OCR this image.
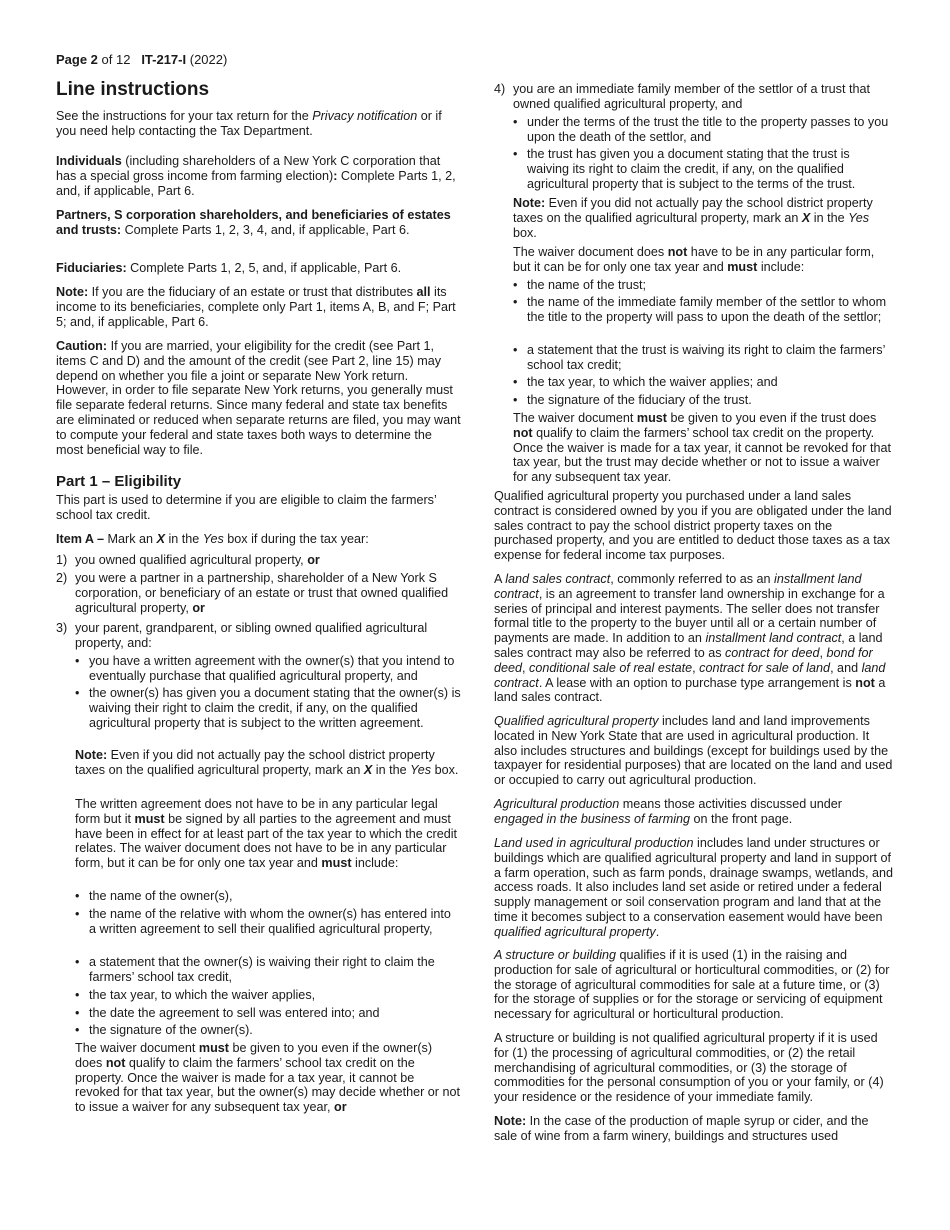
Page 2 of 12 IT-217-I (2022)
Line instructions

See the instructions for your tax return for the Privacy notification or if you need help contacting the Tax Department.

Individuals (including shareholders of a New York C corporation that has a special gross income from farming election): Complete Parts 1, 2, and, if applicable, Part 6.

Partners, S corporation shareholders, and beneficiaries of estates and trusts: Complete Parts 1, 2, 3, 4, and, if applicable, Part 6.

Fiduciaries: Complete Parts 1, 2, 5, and, if applicable, Part 6.

Note: If you are the fiduciary of an estate or trust that distributes all its income to its beneficiaries, complete only Part 1, items A, B, and F; Part 5; and, if applicable, Part 6.

Caution: If you are married, your eligibility for the credit (see Part 1, items C and D) and the amount of the credit (see Part 2, line 15) may depend on whether you file a joint or separate New York return. However, in order to file separate New York returns, you generally must file separate federal returns. Since many federal and state tax benefits are eliminated or reduced when separate returns are filed, you may want to compute your federal and state taxes both ways to determine the most beneficial way to file.

Part 1 – Eligibility

This part is used to determine if you are eligible to claim the farmers’ school tax credit.

Item A – Mark an X in the Yes box if during the tax year:

1) you owned qualified agricultural property, or

2) you were a partner in a partnership, shareholder of a New York S corporation, or beneficiary of an estate or trust that owned qualified agricultural property, or

3) your parent, grandparent, or sibling owned qualified agricultural property, and:

• you have a written agreement with the owner(s) that you intend to eventually purchase that qualified agricultural property, and

• the owner(s) has given you a document stating that the owner(s) is waiving their right to claim the credit, if any, on the qualified agricultural property that is subject to the written agreement.

Note: Even if you did not actually pay the school district property taxes on the qualified agricultural property, mark an X in the Yes box.

The written agreement does not have to be in any particular legal form but it must be signed by all parties to the agreement and must have been in effect for at least part of the tax year to which the credit relates. The waiver document does not have to be in any particular form, but it can be for only one tax year and must include:

• the name of the owner(s),

• the name of the relative with whom the owner(s) has entered into a written agreement to sell their qualified agricultural property,

• a statement that the owner(s) is waiving their right to claim the farmers’ school tax credit,

• the tax year, to which the waiver applies,

• the date the agreement to sell was entered into; and

• the signature of the owner(s).

The waiver document must be given to you even if the owner(s) does not qualify to claim the farmers’ school tax credit on the property. Once the waiver is made for a tax year, it cannot be revoked for that tax year, but the owner(s) may decide whether or not to issue a waiver for any subsequent tax year, or

4) you are an immediate family member of the settlor of a trust that owned qualified agricultural property, and

• under the terms of the trust the title to the property passes to you upon the death of the settlor, and

• the trust has given you a document stating that the trust is waiving its right to claim the credit, if any, on the qualified agricultural property that is subject to the terms of the trust.

Note: Even if you did not actually pay the school district property taxes on the qualified agricultural property, mark an X in the Yes box.

The waiver document does not have to be in any particular form, but it can be for only one tax year and must include:

• the name of the trust;

• the name of the immediate family member of the settlor to whom the title to the property will pass to upon the death of the settlor;

• a statement that the trust is waiving its right to claim the farmers’ school tax credit;

• the tax year, to which the waiver applies; and

• the signature of the fiduciary of the trust.

The waiver document must be given to you even if the trust does not qualify to claim the farmers’ school tax credit on the property. Once the waiver is made for a tax year, it cannot be revoked for that tax year, but the trust may decide whether or not to issue a waiver for any subsequent tax year.

Qualified agricultural property you purchased under a land sales contract is considered owned by you if you are obligated under the land sales contract to pay the school district property taxes on the purchased property, and you are entitled to deduct those taxes as a tax expense for federal income tax purposes.

A land sales contract, commonly referred to as an installment land contract, is an agreement to transfer land ownership in exchange for a series of principal and interest payments. The seller does not transfer formal title to the property to the buyer until all or a certain number of payments are made. In addition to an installment land contract, a land sales contract may also be referred to as contract for deed, bond for deed, conditional sale of real estate, contract for sale of land, and land contract. A lease with an option to purchase type arrangement is not a land sales contract.

Qualified agricultural property includes land and land improvements located in New York State that are used in agricultural production. It also includes structures and buildings (except for buildings used by the taxpayer for residential purposes) that are located on the land and used or occupied to carry out agricultural production.

Agricultural production means those activities discussed under engaged in the business of farming on the front page.

Land used in agricultural production includes land under structures or buildings which are qualified agricultural property and land in support of a farm operation, such as farm ponds, drainage swamps, wetlands, and access roads. It also includes land set aside or retired under a federal supply management or soil conservation program and land that at the time it becomes subject to a conservation easement would have been qualified agricultural property.

A structure or building qualifies if it is used (1) in the raising and production for sale of agricultural or horticultural commodities, or (2) for the storage of agricultural commodities for sale at a future time, or (3) for the storage of supplies or for the storage or servicing of equipment necessary for agricultural or horticultural production.

A structure or building is not qualified agricultural property if it is used for (1) the processing of agricultural commodities, or (2) the retail merchandising of agricultural commodities, or (3) the storage of commodities for the personal consumption of you or your family, or (4) your residence or the residence of your immediate family.

Note: In the case of the production of maple syrup or cider, and the sale of wine from a farm winery, buildings and structures used
